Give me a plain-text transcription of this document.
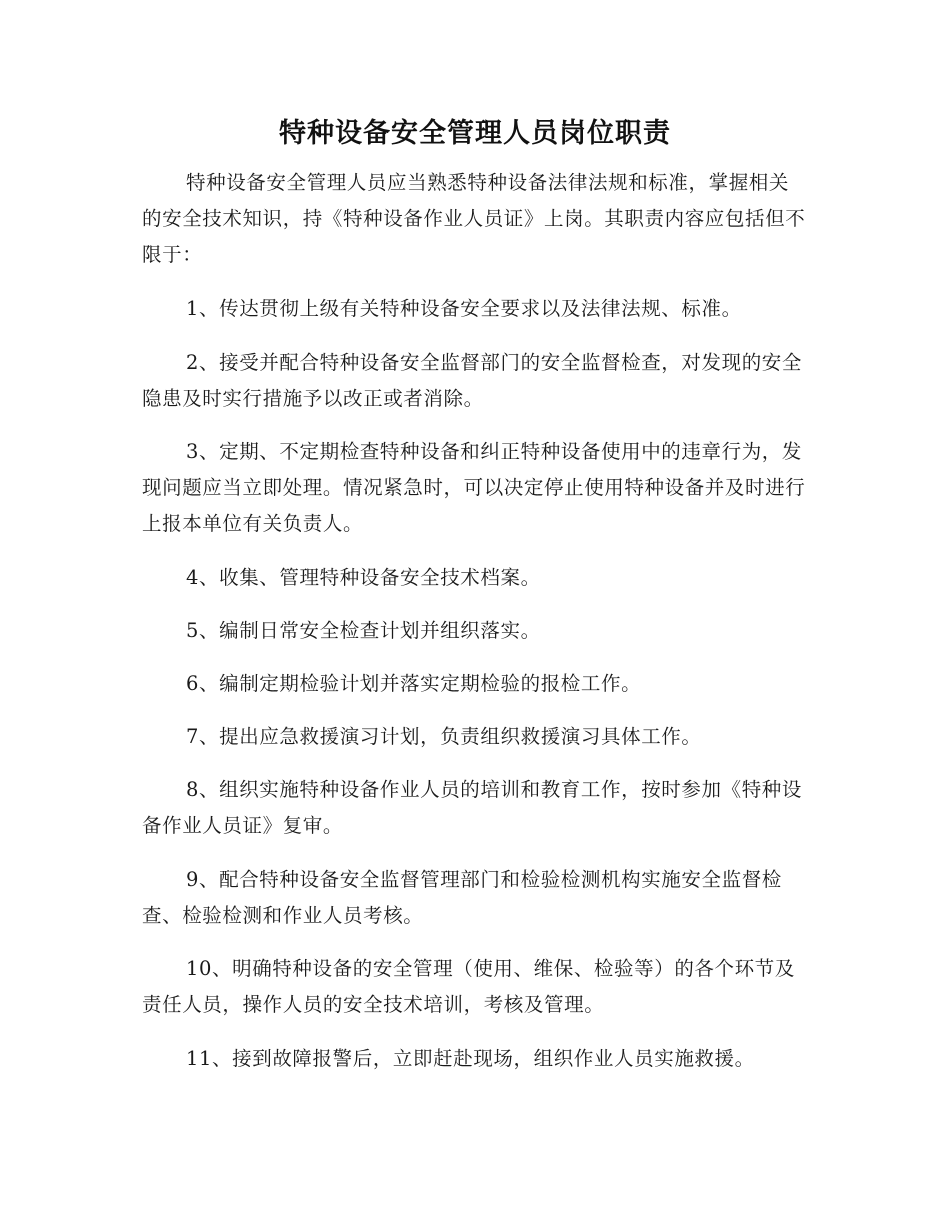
特种设备安全管理人员岗位职责

特种设备安全管理人员应当熟悉特种设备法律法规和标准，掌握相关的安全技术知识，持《特种设备作业人员证》上岗。其职责内容应包括但不限于：

1、传达贯彻上级有关特种设备安全要求以及法律法规、标准。

2、接受并配合特种设备安全监督部门的安全监督检查，对发现的安全隐患及时实行措施予以改正或者消除。

3、定期、不定期检查特种设备和纠正特种设备使用中的违章行为，发现问题应当立即处理。情况紧急时，可以决定停止使用特种设备并及时进行上报本单位有关负责人。

4、收集、管理特种设备安全技术档案。

5、编制日常安全检查计划并组织落实。

6、编制定期检验计划并落实定期检验的报检工作。

7、提出应急救援演习计划，负责组织救援演习具体工作。

8、组织实施特种设备作业人员的培训和教育工作，按时参加《特种设备作业人员证》复审。

9、配合特种设备安全监督管理部门和检验检测机构实施安全监督检查、检验检测和作业人员考核。

10、明确特种设备的安全管理（使用、维保、检验等）的各个环节及责任人员，操作人员的安全技术培训，考核及管理。

11、接到故障报警后，立即赶赴现场，组织作业人员实施救援。
